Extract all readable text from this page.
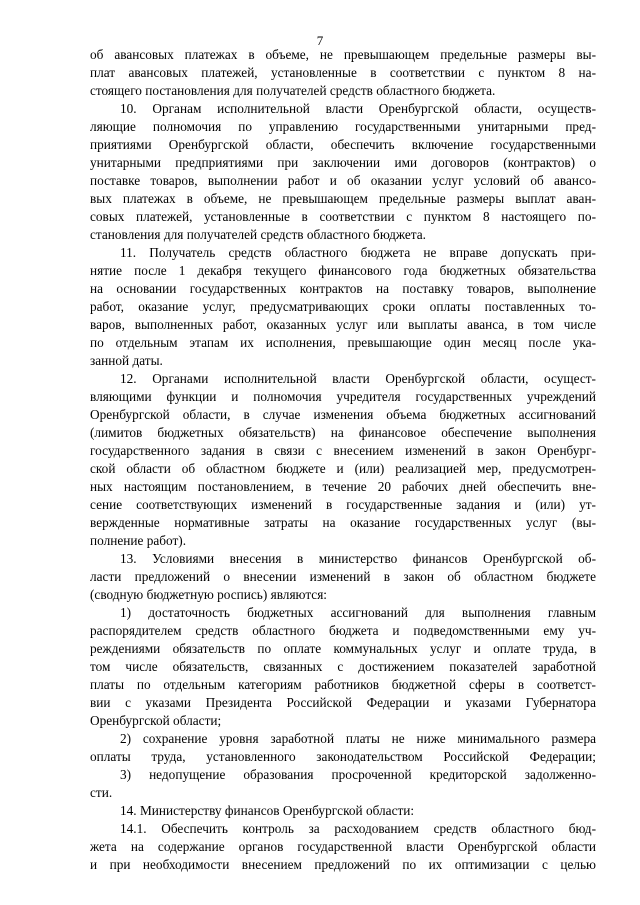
7
об авансовых платежах в объеме, не превышающем предельные размеры вы-
плат авансовых платежей, установленные в соответствии с пунктом 8 на-
стоящего постановления для получателей средств областного бюджета.
10. Органам исполнительной власти Оренбургской области, осуществ-
ляющие полномочия по управлению государственными унитарными пред-
приятиями Оренбургской области, обеспечить включение государственными
унитарными предприятиями при заключении ими договоров (контрактов) о
поставке товаров, выполнении работ и об оказании услуг условий об авансо-
вых платежах в объеме, не превышающем предельные размеры выплат аван-
совых платежей, установленные в соответствии с пунктом 8 настоящего по-
становления для получателей средств областного бюджета.
11. Получатель средств областного бюджета не вправе допускать при-
нятие после 1 декабря текущего финансового года бюджетных обязательства
на основании государственных контрактов на поставку товаров, выполнение
работ, оказание услуг, предусматривающих сроки оплаты поставленных то-
варов, выполненных работ, оказанных услуг или выплаты аванса, в том числе
по отдельным этапам их исполнения, превышающие один месяц после ука-
занной даты.
12. Органами исполнительной власти Оренбургской области, осущест-
вляющими функции и полномочия учредителя государственных учреждений
Оренбургской области, в случае изменения объема бюджетных ассигнований
(лимитов бюджетных обязательств) на финансовое обеспечение выполнения
государственного задания в связи с внесением изменений в закон Оренбург-
ской области об областном бюджете и (или) реализацией мер, предусмотрен-
ных настоящим постановлением, в течение 20 рабочих дней обеспечить вне-
сение соответствующих изменений в государственные задания и (или) ут-
вержденные нормативные затраты на оказание государственных услуг (вы-
полнение работ).
13. Условиями внесения в министерство финансов Оренбургской об-
ласти предложений о внесении изменений в закон об областном бюджете
(сводную бюджетную роспись) являются:
1) достаточность бюджетных ассигнований для выполнения главным
распорядителем средств областного бюджета и подведомственными ему уч-
реждениями обязательств по оплате коммунальных услуг и оплате труда, в
том числе обязательств, связанных с достижением показателей заработной
платы по отдельным категориям работников бюджетной сферы в соответст-
вии с указами Президента Российской Федерации и указами Губернатора
Оренбургской области;
2) сохранение уровня заработной платы не ниже минимального размера
оплаты труда, установленного законодательством Российской Федерации;
3) недопущение образования просроченной кредиторской задолженно-
сти.
14. Министерству финансов Оренбургской области:
14.1. Обеспечить контроль за расходованием средств областного бюд-
жета на содержание органов государственной власти Оренбургской области
и при необходимости внесением предложений по их оптимизации с целью
